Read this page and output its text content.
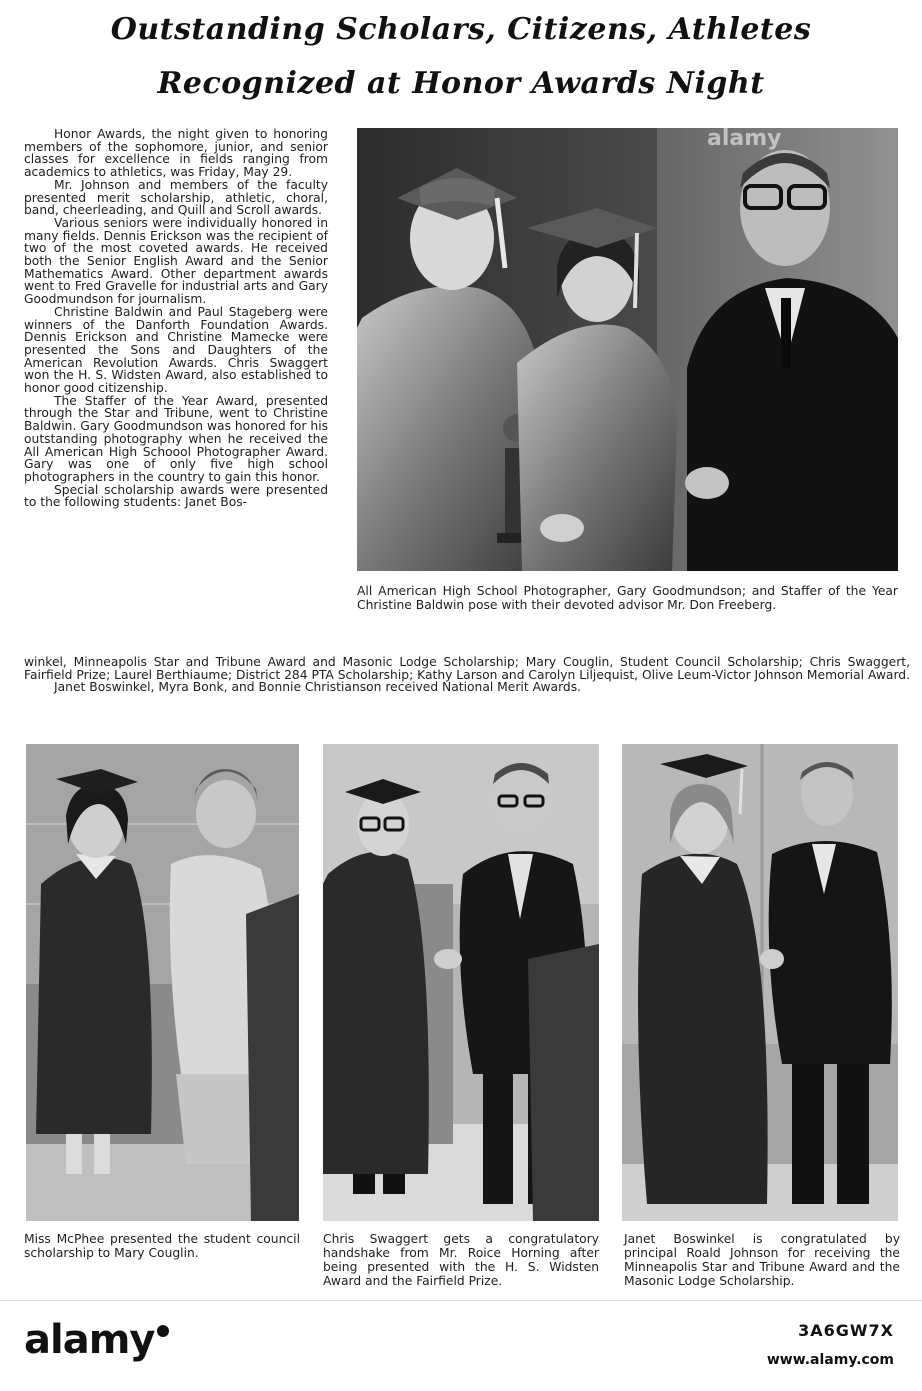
Outstanding Scholars, Citizens, Athletes
Recognized at Honor Awards Night

Honor Awards, the night given to honoring members of the sophomore, junior, and senior classes for excellence in fields ranging from academics to athletics, was Friday, May 29.

Mr. Johnson and members of the faculty presented merit scholarship, athletic, choral, band, cheerleading, and Quill and Scroll awards.

Various seniors were individually honored in many fields. Dennis Erickson was the recipient of two of the most coveted awards. He received both the Senior English Award and the Senior Mathematics Award. Other department awards went to Fred Gravelle for industrial arts and Gary Goodmundson for journalism.

Christine Baldwin and Paul Stageberg were winners of the Danforth Foundation Awards. Dennis Erickson and Christine Mamecke were presented the Sons and Daughters of the American Revolution Awards. Chris Swaggert won the H. S. Widsten Award, also established to honor good citizenship.

The Staffer of the Year Award, presented through the Star and Tribune, went to Christine Baldwin. Gary Goodmundson was honored for his outstanding photography when he received the All American High Schoool Photographer Award. Gary was one of only five high school photographers in the country to gain this honor.

Special scholarship awards were presented to the following students: Janet Bos-

alamy

All American High School Photographer, Gary Goodmundson; and Staffer of the Year Christine Baldwin pose with their devoted advisor Mr. Don Freeberg.

winkel, Minneapolis Star and Tribune Award and Masonic Lodge Scholarship; Mary Couglin, Student Council Scholarship; Chris Swaggert, Fairfield Prize; Laurel Berthiaume; District 284 PTA Scholarship; Kathy Larson and Carolyn Liljequist, Olive Leum-Victor Johnson Memorial Award.

Janet Boswinkel, Myra Bonk, and Bonnie Christianson received National Merit Awards.

Miss McPhee presented the student council scholarship to Mary Couglin.

Chris Swaggert gets a congratulatory handshake from Mr. Roice Horning after being presented with the H. S. Widsten Award and the Fairfield Prize.

Janet Boswinkel is congratulated by principal Roald Johnson for receiving the Minneapolis Star and Tribune Award and the Masonic Lodge Scholarship.

alamy	3A6GW7X
www.alamy.com
